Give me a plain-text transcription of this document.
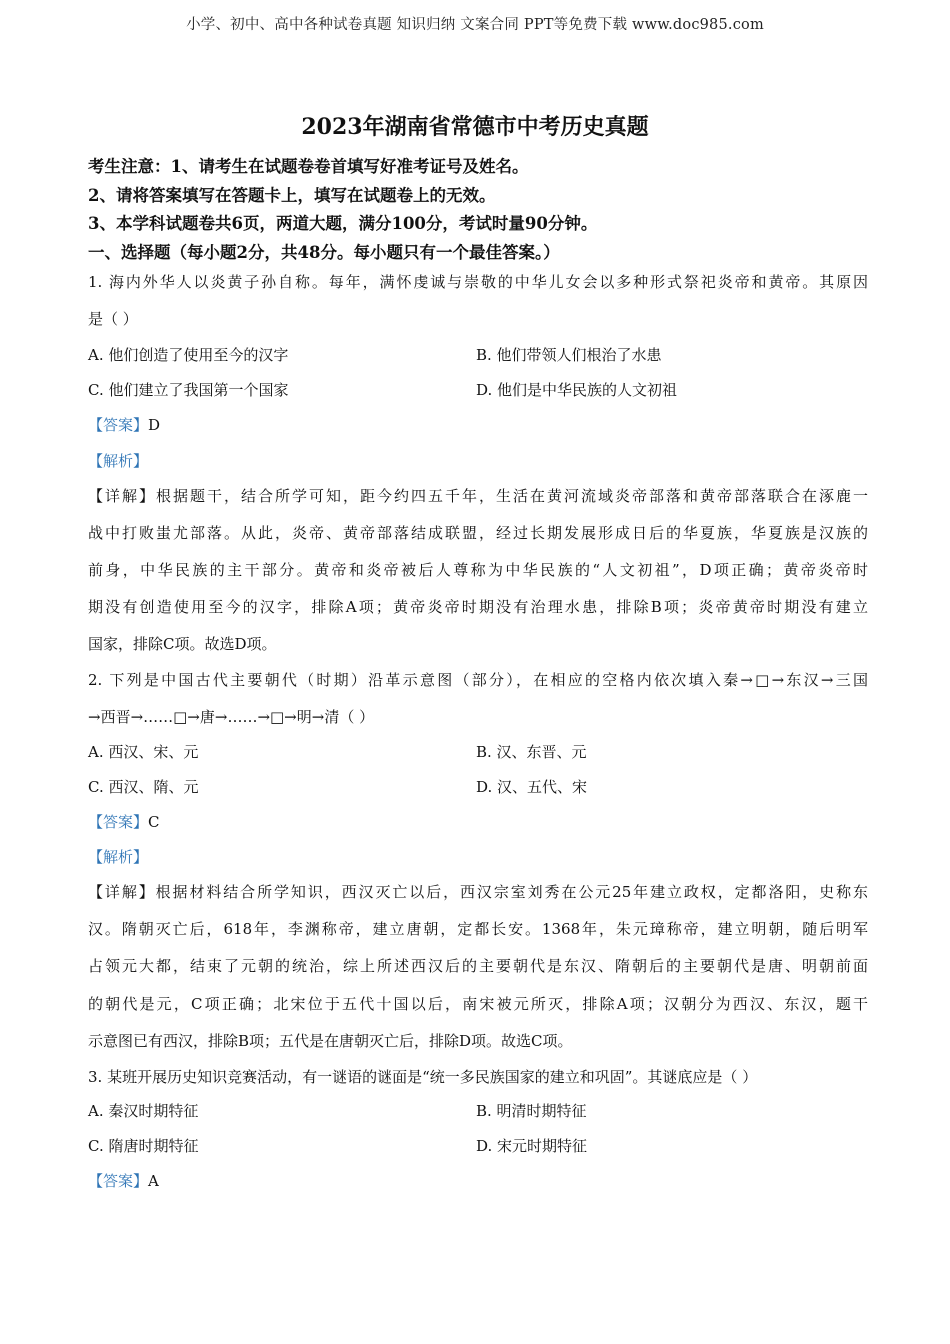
小学、初中、高中各种试卷真题 知识归纳 文案合同 PPT等免费下载 www.doc985.com
2023年湖南省常德市中考历史真题
考生注意：1、请考生在试题卷卷首填写好准考证号及姓名。
2、请将答案填写在答题卡上，填写在试题卷上的无效。
3、本学科试题卷共6页，两道大题，满分100分，考试时量90分钟。
一、选择题（每小题2分，共48分。每小题只有一个最佳答案。）
1. 海内外华人以炎黄子孙自称。每年，满怀虔诚与崇敬的中华儿女会以多种形式祭祀炎帝和黄帝。其原因
是（ ）
A. 他们创造了使用至今的汉字	B. 他们带领人们根治了水患
C. 他们建立了我国第一个国家	D. 他们是中华民族的人文初祖
【答案】D
【解析】
【详解】根据题干，结合所学可知，距今约四五千年，生活在黄河流域炎帝部落和黄帝部落联合在涿鹿一
战中打败蚩尤部落。从此，炎帝、黄帝部落结成联盟，经过长期发展形成日后的华夏族，华夏族是汉族的
前身，中华民族的主干部分。黄帝和炎帝被后人尊称为中华民族的“人文初祖”，D项正确；黄帝炎帝时
期没有创造使用至今的汉字，排除A项；黄帝炎帝时期没有治理水患，排除B项；炎帝黄帝时期没有建立
国家，排除C项。故选D项。
2. 下列是中国古代主要朝代（时期）沿革示意图（部分），在相应的空格内依次填入秦→□→东汉→三国
→西晋→……□→唐→……→□→明→清（ ）
A. 西汉、宋、元	B. 汉、东晋、元
C. 西汉、隋、元	D. 汉、五代、宋
【答案】C
【解析】
【详解】根据材料结合所学知识，西汉灭亡以后，西汉宗室刘秀在公元25年建立政权，定都洛阳，史称东
汉。隋朝灭亡后，618年，李渊称帝，建立唐朝，定都长安。1368年，朱元璋称帝，建立明朝，随后明军
占领元大都，结束了元朝的统治，综上所述西汉后的主要朝代是东汉、隋朝后的主要朝代是唐、明朝前面
的朝代是元，C项正确；北宋位于五代十国以后，南宋被元所灭，排除A项；汉朝分为西汉、东汉，题干
示意图已有西汉，排除B项；五代是在唐朝灭亡后，排除D项。故选C项。
3. 某班开展历史知识竞赛活动，有一谜语的谜面是“统一多民族国家的建立和巩固”。其谜底应是（ ）
A. 秦汉时期特征	B. 明清时期特征
C. 隋唐时期特征	D. 宋元时期特征
【答案】A
